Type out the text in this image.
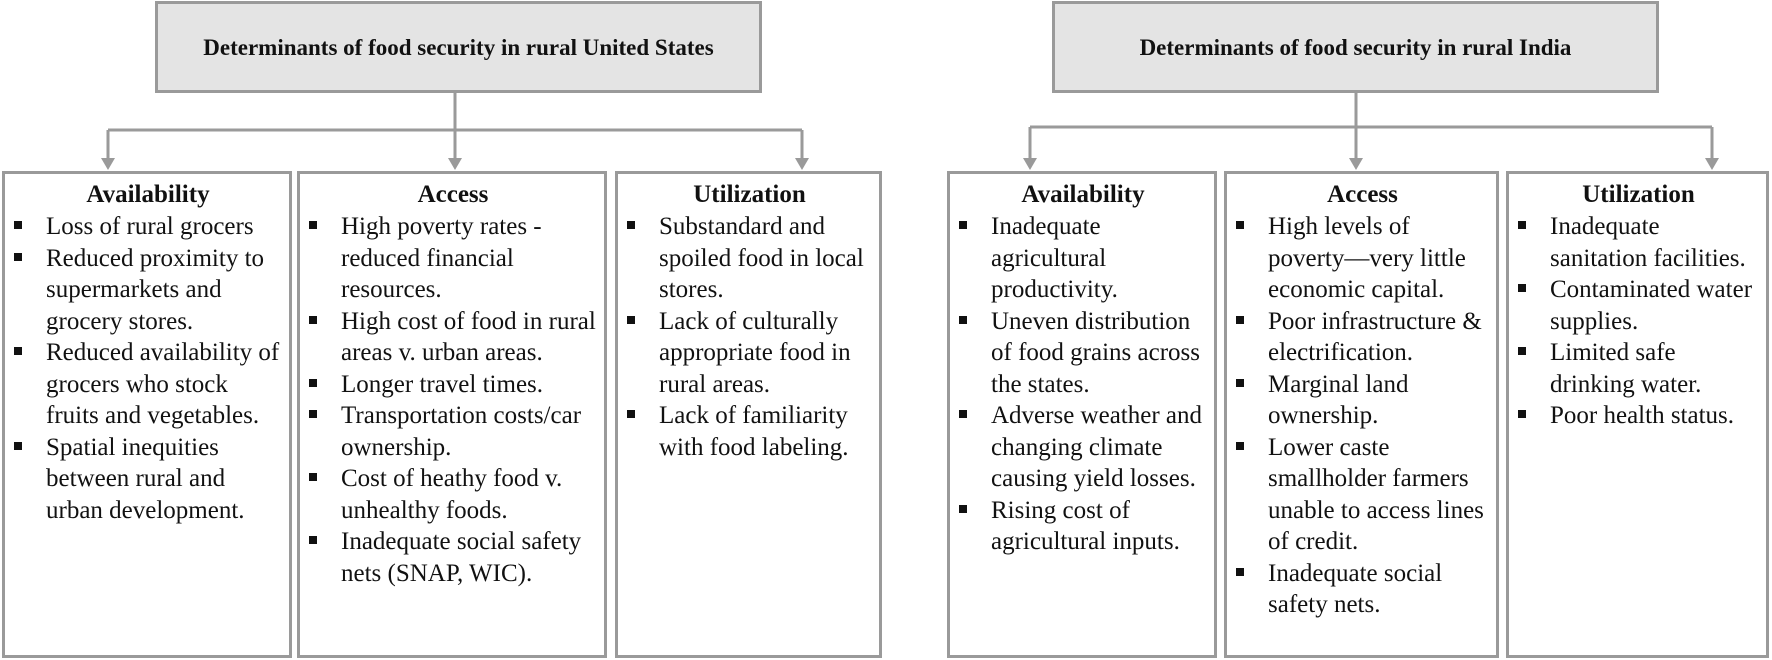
Determinants of food security in rural United States	Determinants of food security in rural India
Availability
Loss of rural grocers
Reduced proximity to supermarkets and grocery stores.
Reduced availability of grocers who stock fruits and vegetables.
Spatial inequities between rural and urban development.
Access
High poverty rates - reduced financial resources.
High cost of food in rural areas v. urban areas.
Longer travel times.
Transportation costs/car ownership.
Cost of heathy food v. unhealthy foods.
Inadequate social safety nets (SNAP, WIC).
Utilization
Substandard and spoiled food in local stores.
Lack of culturally appropriate food in rural areas.
Lack of familiarity with food labeling.
Availability
Inadequate agricultural productivity.
Uneven distribution of food grains across the states.
Adverse weather and changing climate causing yield losses.
Rising cost of agricultural inputs.
Access
High levels of poverty—very little economic capital.
Poor infrastructure & electrification.
Marginal land ownership.
Lower caste smallholder farmers unable to access lines of credit.
Inadequate social safety nets.
Utilization
Inadequate sanitation facilities.
Contaminated water supplies.
Limited safe drinking water.
Poor health status.
